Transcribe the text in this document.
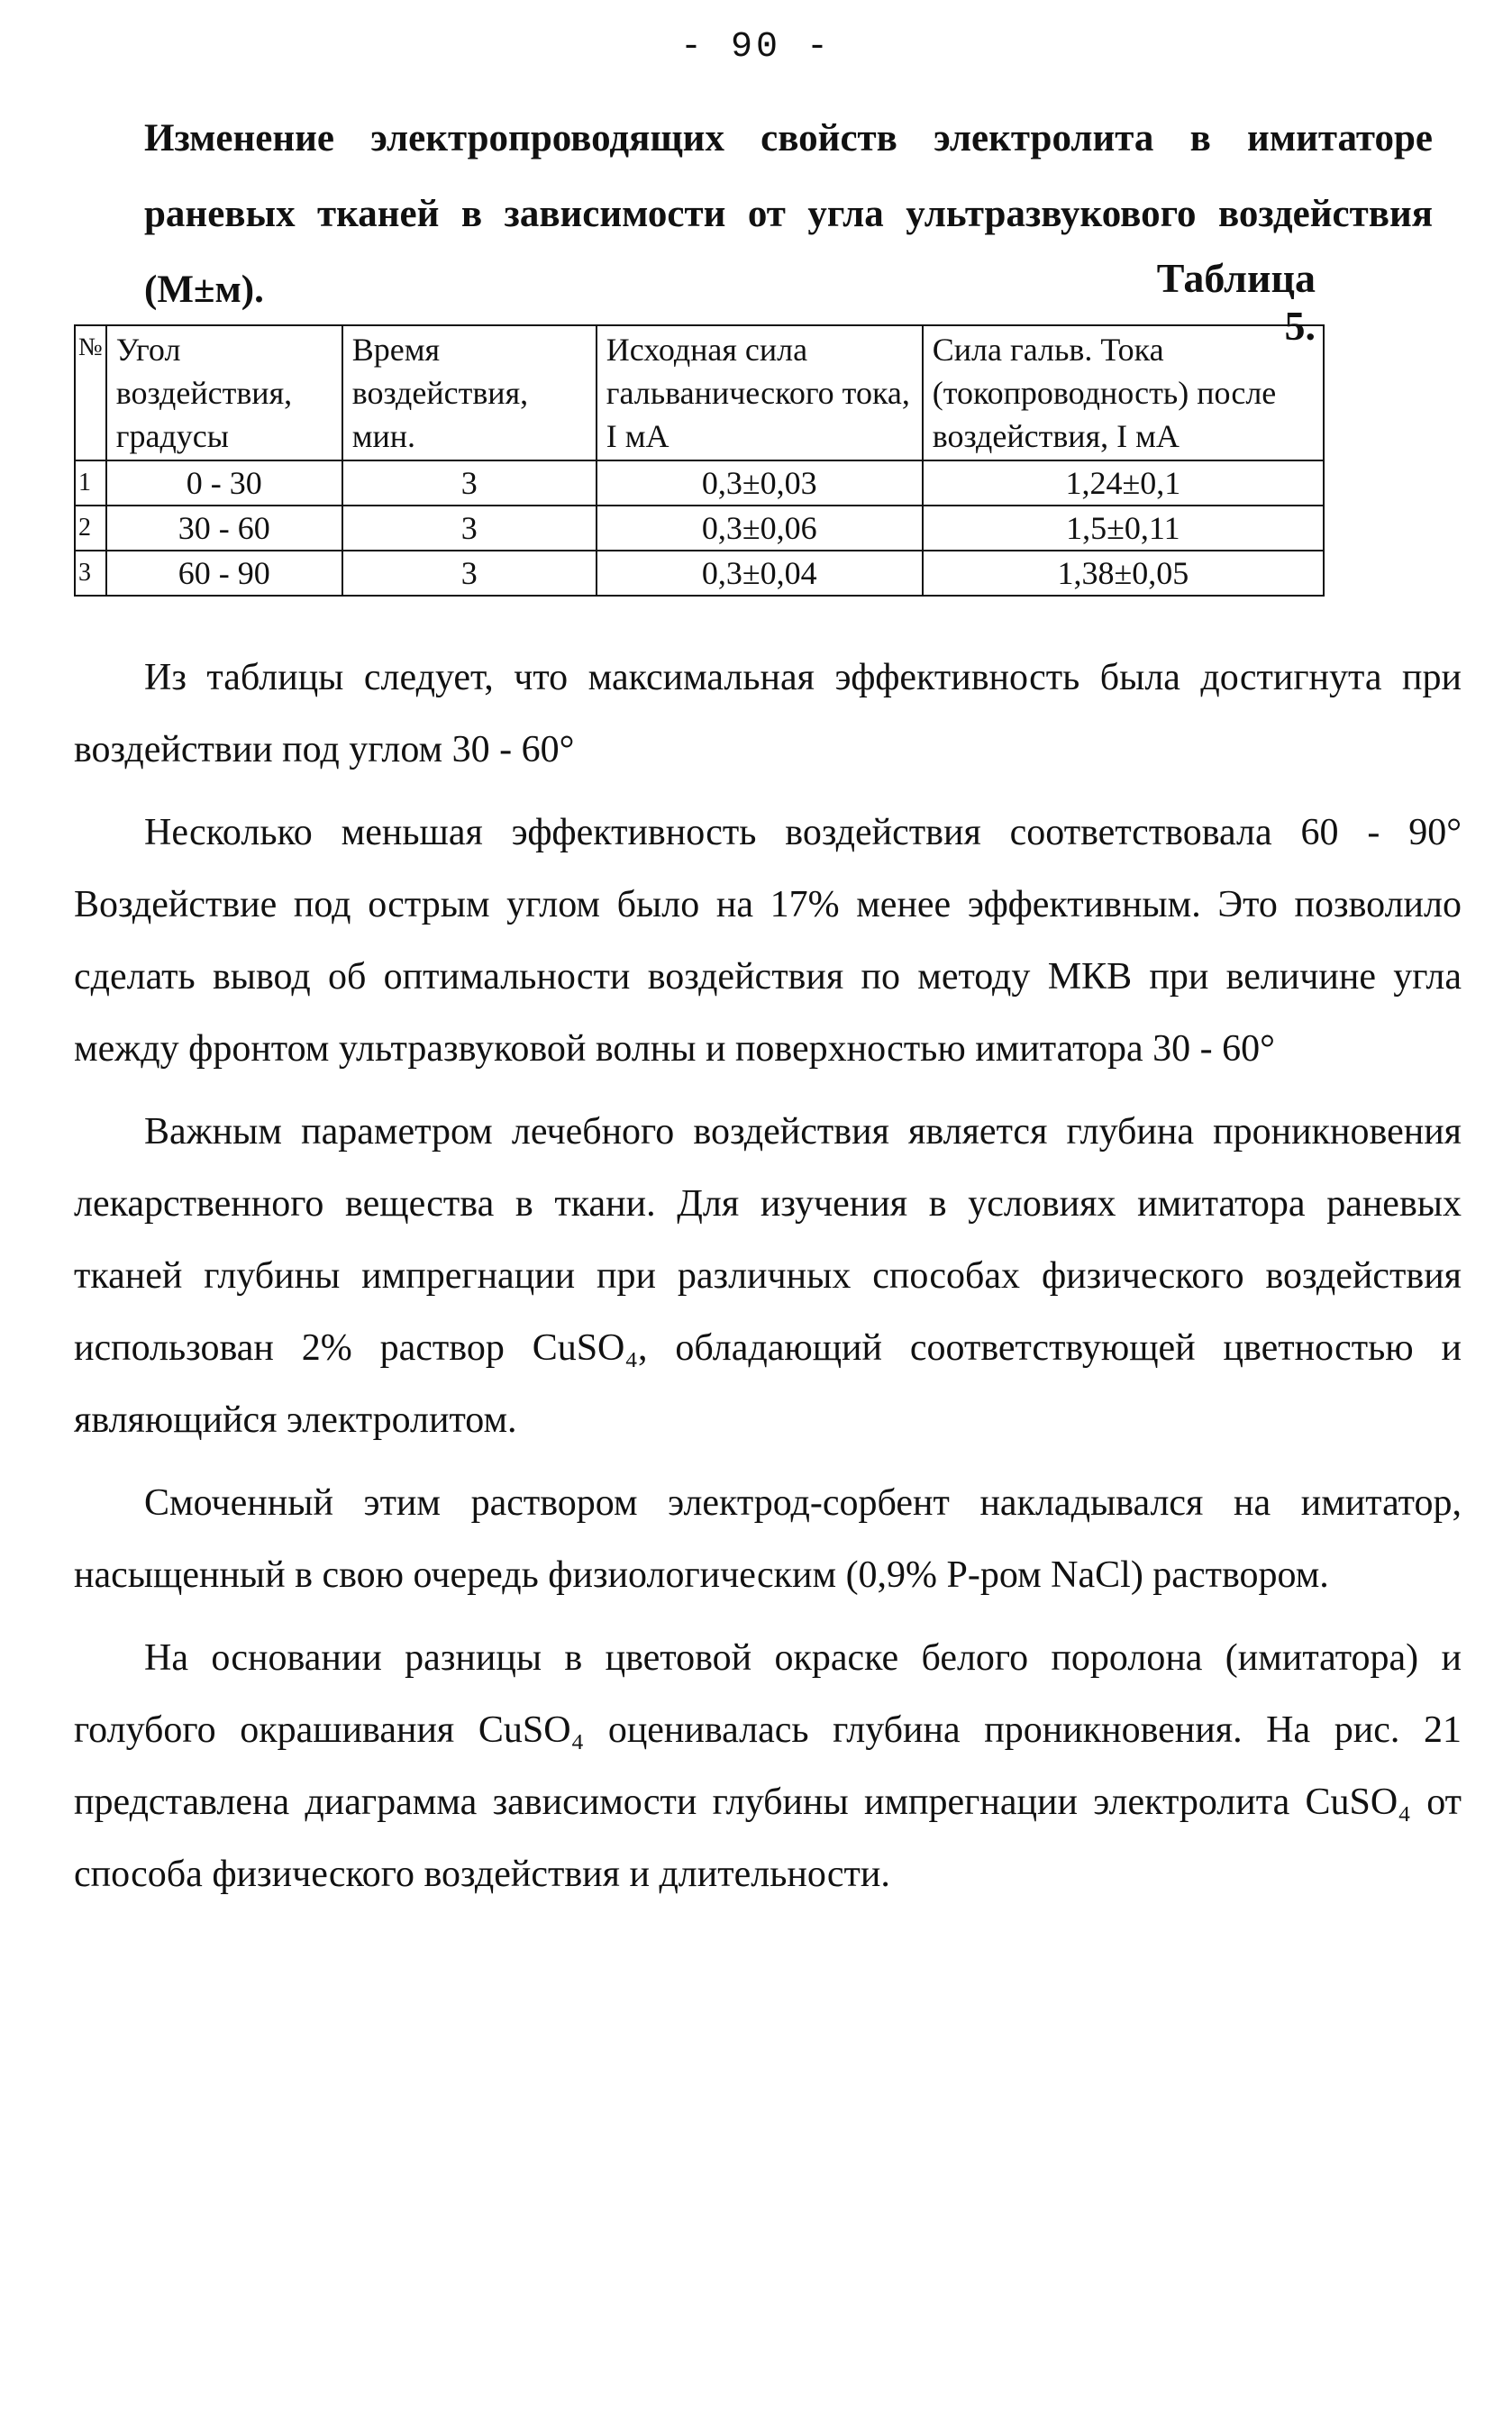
- 90 -
Изменение электропроводящих свойств электролита в имитаторе раневых тканей в зависимости от угла ультразвукового воздействия (M±м).	Таблица 5.
№	Угол воздействия, градусы	Время воздействия, мин.	Исходная сила гальванического тока, I мА	Сила гальв. Тока (токопроводность) после воздействия, I мА
1	0 - 30	3	0,3±0,03	1,24±0,1
2	30 - 60	3	0,3±0,06	1,5±0,11
3	60 - 90	3	0,3±0,04	1,38±0,05

Из таблицы следует, что максимальная эффективность была достигнута при воздействии под углом 30 - 60°

Несколько меньшая эффективность воздействия соответствовала 60 - 90° Воздействие под острым углом было на 17% менее эффективным. Это позволило сделать вывод об оптимальности воздействия по методу МКВ при величине угла между фронтом ультразвуковой волны и поверхностью имитатора 30 - 60°

Важным параметром лечебного воздействия является глубина проникновения лекарственного вещества в ткани. Для изучения в условиях имитатора раневых тканей глубины импрегнации при различных способах физического воздействия использован 2% раствор CuSO₄, обладающий соответствующей цветностью и являющийся электролитом.

Смоченный этим раствором электрод-сорбент накладывался на имитатор, насыщенный в свою очередь физиологическим (0,9% Р-ром NaCl) раствором.

На основании разницы в цветовой окраске белого поролона (имитатора) и голубого окрашивания CuSO₄ оценивалась глубина проникновения. На рис. 21 представлена диаграмма зависимости глубины импрегнации электролита CuSO₄ от способа физического воздействия и длительности.
